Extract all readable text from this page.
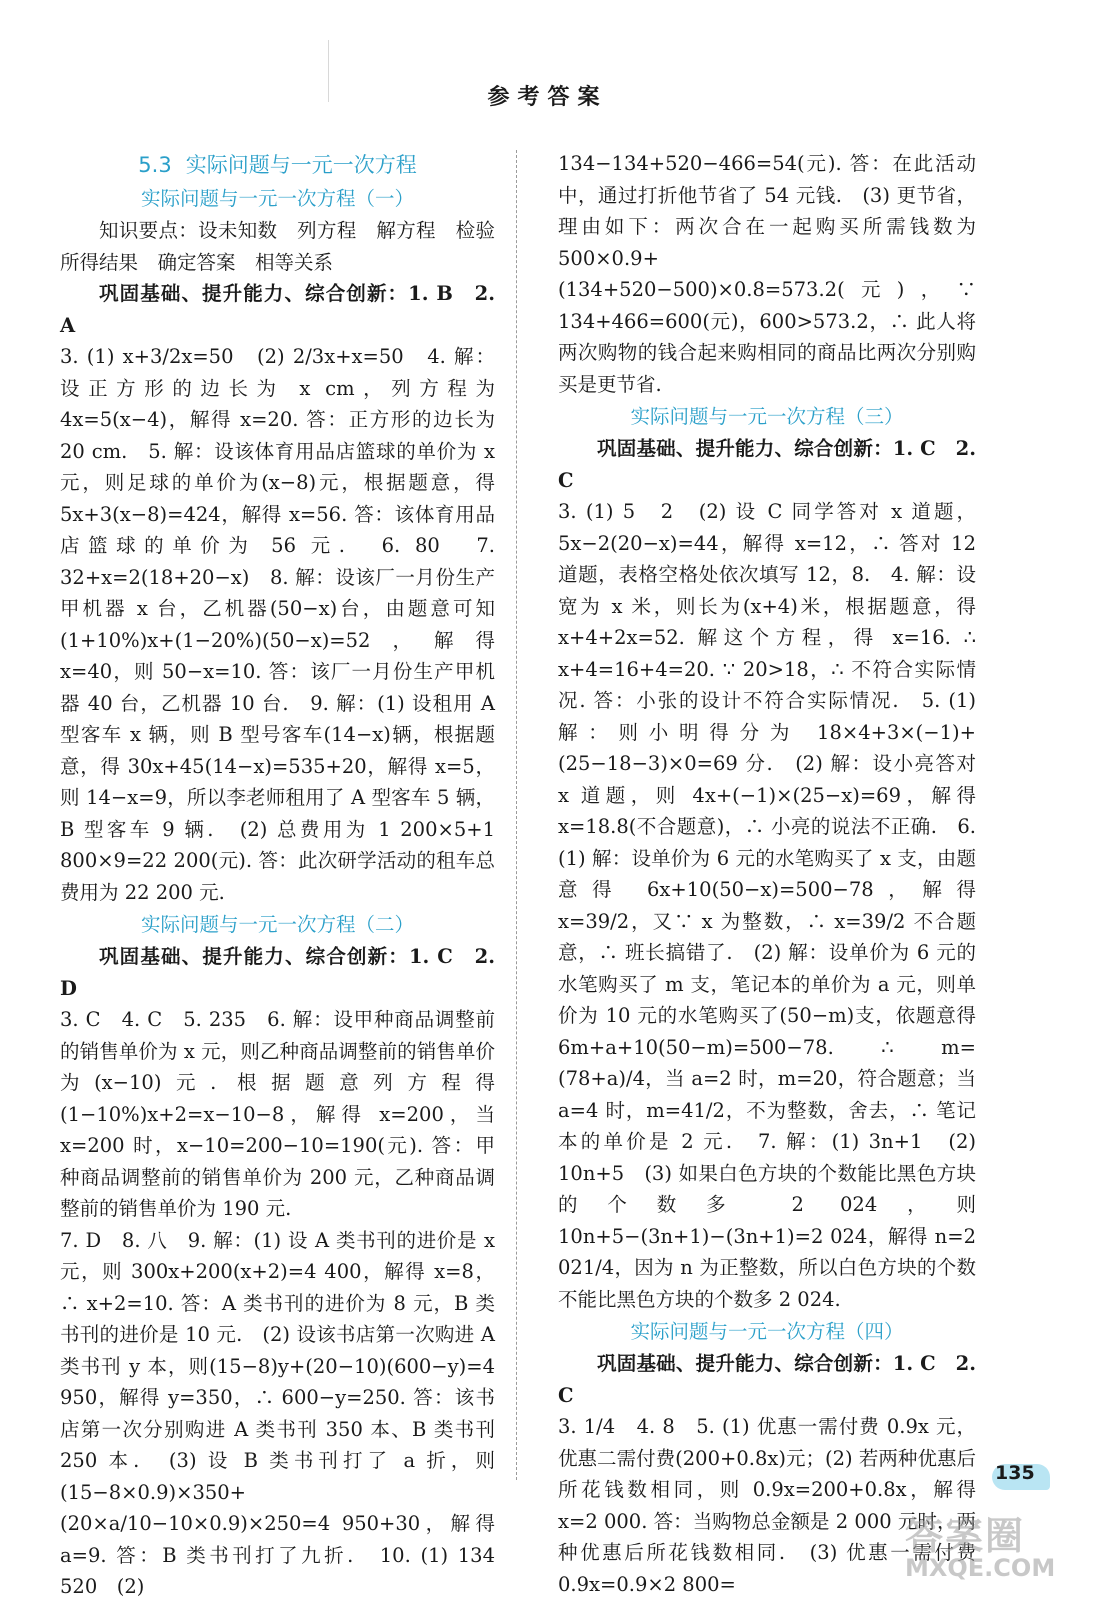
参考答案
5.3 实际问题与一元一次方程
实际问题与一元一次方程（一）

知识要点：设未知数　列方程　解方程　检验所得结果　确定答案　相等关系

巩固基础、提升能力、综合创新：1. B　2. A

3. (1) x+3/2x=50　(2) 2/3x+x=50　4. 解：设正方形的边长为 x cm，列方程为 4x=5(x−4)，解得 x=20. 答：正方形的边长为 20 cm.　5. 解：设该体育用品店篮球的单价为 x 元，则足球的单价为(x−8)元，根据题意，得 5x+3(x−8)=424，解得 x=56. 答：该体育用品店篮球的单价为 56 元.　6. 80　7. 32+x=2(18+20−x)　8. 解：设该厂一月份生产甲机器 x 台，乙机器(50−x)台，由题意可知(1+10%)x+(1−20%)(50−x)=52，解得 x=40，则 50−x=10. 答：该厂一月份生产甲机器 40 台，乙机器 10 台.　9. 解：(1) 设租用 A 型客车 x 辆，则 B 型号客车(14−x)辆，根据题意，得 30x+45(14−x)=535+20，解得 x=5，则 14−x=9，所以李老师租用了 A 型客车 5 辆，B 型客车 9 辆.　(2) 总费用为 1 200×5+1 800×9=22 200(元). 答：此次研学活动的租车总费用为 22 200 元.

实际问题与一元一次方程（二）

巩固基础、提升能力、综合创新：1. C　2. D

3. C　4. C　5. 235　6. 解：设甲种商品调整前的销售单价为 x 元，则乙种商品调整前的销售单价为(x−10)元. 根据题意列方程得(1−10%)x+2=x−10−8，解得 x=200，当 x=200 时，x−10=200−10=190(元). 答：甲种商品调整前的销售单价为 200 元，乙种商品调整前的销售单价为 190 元.

7. D　8. 八　9. 解：(1) 设 A 类书刊的进价是 x 元，则 300x+200(x+2)=4 400，解得 x=8，∴ x+2=10. 答：A 类书刊的进价为 8 元，B 类书刊的进价是 10 元.　(2) 设该书店第一次购进 A 类书刊 y 本，则(15−8)y+(20−10)(600−y)=4 950，解得 y=350，∴ 600−y=250. 答：该书店第一次分别购进 A 类书刊 350 本、B 类书刊 250 本.　(3) 设 B 类书刊打了 a 折，则 (15−8×0.9)×350+(20×a/10−10×0.9)×250=4 950+30，解得 a=9. 答：B 类书刊打了九折.　10. (1) 134　520　(2)

134−134+520−466=54(元). 答：在此活动中，通过打折他节省了 54 元钱.　(3) 更节省，理由如下：两次合在一起购买所需钱数为 500×0.9+(134+520−500)×0.8=573.2(元)，∵ 134+466=600(元)，600>573.2，∴ 此人将两次购物的钱合起来购相同的商品比两次分别购买是更节省.

实际问题与一元一次方程（三）

巩固基础、提升能力、综合创新：1. C　2. C

3. (1) 5　2　(2) 设 C 同学答对 x 道题，5x−2(20−x)=44，解得 x=12，∴ 答对 12 道题，表格空格处依次填写 12，8.　4. 解：设宽为 x 米，则长为(x+4)米，根据题意，得 x+4+2x=52. 解这个方程，得 x=16. ∴ x+4=16+4=20. ∵ 20>18，∴ 不符合实际情况. 答：小张的设计不符合实际情况.　5. (1) 解：则小明得分为 18×4+3×(−1)+(25−18−3)×0=69 分.　(2) 解：设小亮答对 x 道题，则 4x+(−1)×(25−x)=69，解得 x=18.8(不合题意)，∴ 小亮的说法不正确.　6. (1) 解：设单价为 6 元的水笔购买了 x 支，由题意得 6x+10(50−x)=500−78，解得 x=39/2，又∵ x 为整数，∴ x=39/2 不合题意，∴ 班长搞错了.　(2) 解：设单价为 6 元的水笔购买了 m 支，笔记本的单价为 a 元，则单价为 10 元的水笔购买了(50−m)支，依题意得 6m+a+10(50−m)=500−78. ∴ m=(78+a)/4，当 a=2 时，m=20，符合题意；当 a=4 时，m=41/2，不为整数，舍去，∴ 笔记本的单价是 2 元.　7. 解：(1) 3n+1　(2) 10n+5　(3) 如果白色方块的个数能比黑色方块的个数多 2 024，则 10n+5−(3n+1)−(3n+1)=2 024，解得 n=2 021/4，因为 n 为正整数，所以白色方块的个数不能比黑色方块的个数多 2 024.

实际问题与一元一次方程（四）

巩固基础、提升能力、综合创新：1. C　2. C

3. 1/4　4. 8　5. (1) 优惠一需付费 0.9x 元，优惠二需付费(200+0.8x)元；(2) 若两种优惠后所花钱数相同，则 0.9x=200+0.8x，解得 x=2 000. 答：当购物总金额是 2 000 元时，两种优惠后所花钱数相同.　(3) 优惠一需付费 0.9x=0.9×2 800=

135
答案圈
MXQE.COM
